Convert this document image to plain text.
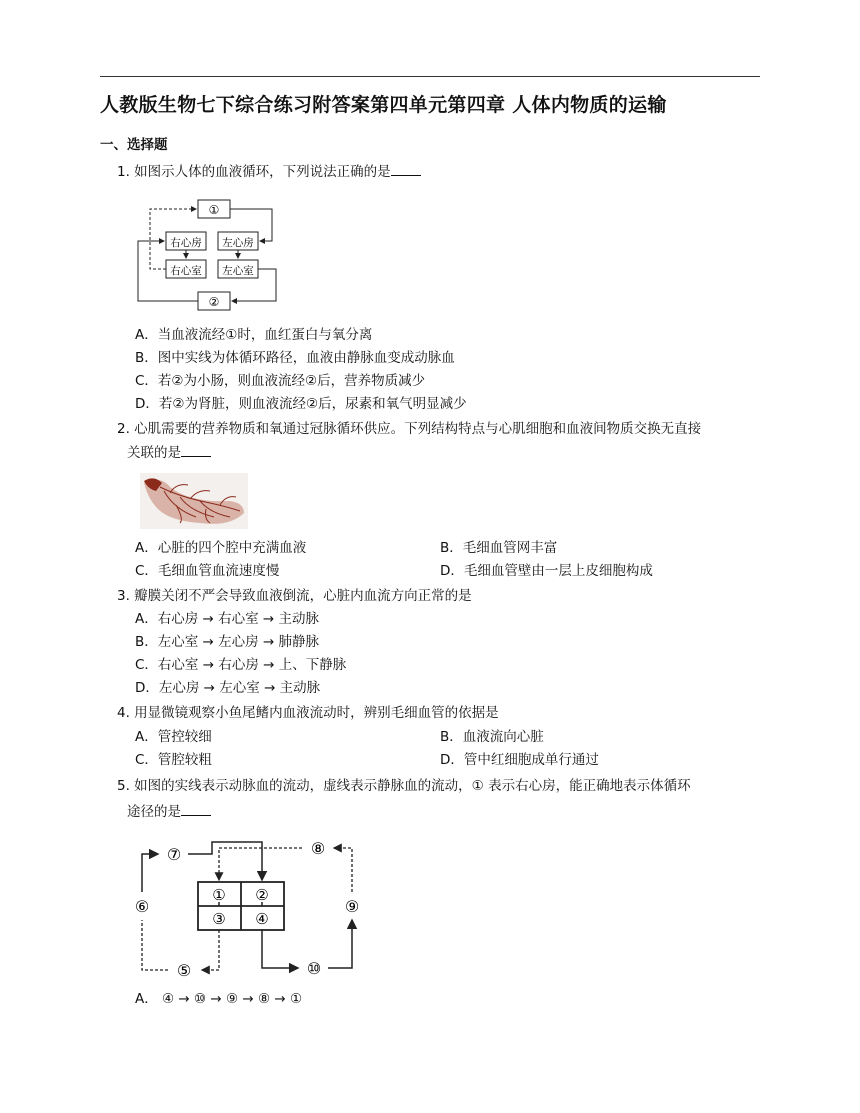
人教版生物七下综合练习附答案第四单元第四章 人体内物质的运输
一、选择题
1. 如图示人体的血液循环，下列说法正确的是
①
右心房 左心房
右心室 左心室
②
A．当血液流经①时，血红蛋白与氧分离
B．图中实线为体循环路径，血液由静脉血变成动脉血
C．若②为小肠，则血液流经②后，营养物质减少
D．若②为肾脏，则血液流经②后，尿素和氧气明显减少
2. 心肌需要的营养物质和氧通过冠脉循环供应。下列结构特点与心肌细胞和血液间物质交换无直接
关联的是
A．心脏的四个腔中充满血液	B．毛细血管网丰富
C．毛细血管血流速度慢	D．毛细血管壁由一层上皮细胞构成
3. 瓣膜关闭不严会导致血液倒流，心脏内血流方向正常的是
A．右心房 → 右心室 → 主动脉
B．左心室 → 左心房 → 肺静脉
C．右心室 → 右心房 → 上、下静脉
D．左心房 → 左心室 → 主动脉
4. 用显微镜观察小鱼尾鳍内血液流动时，辨别毛细血管的依据是
A．管控较细	B．血液流向心脏
C．管腔较粗	D．管中红细胞成单行通过
5. 如图的实线表示动脉血的流动，虚线表示静脉血的流动，① 表示右心房，能正确地表示体循环
途径的是
① ②
③ ④
⑦	⑧
⑥	⑨
⑤	⑩
A． ④ → ⑩ → ⑨ → ⑧ → ①
